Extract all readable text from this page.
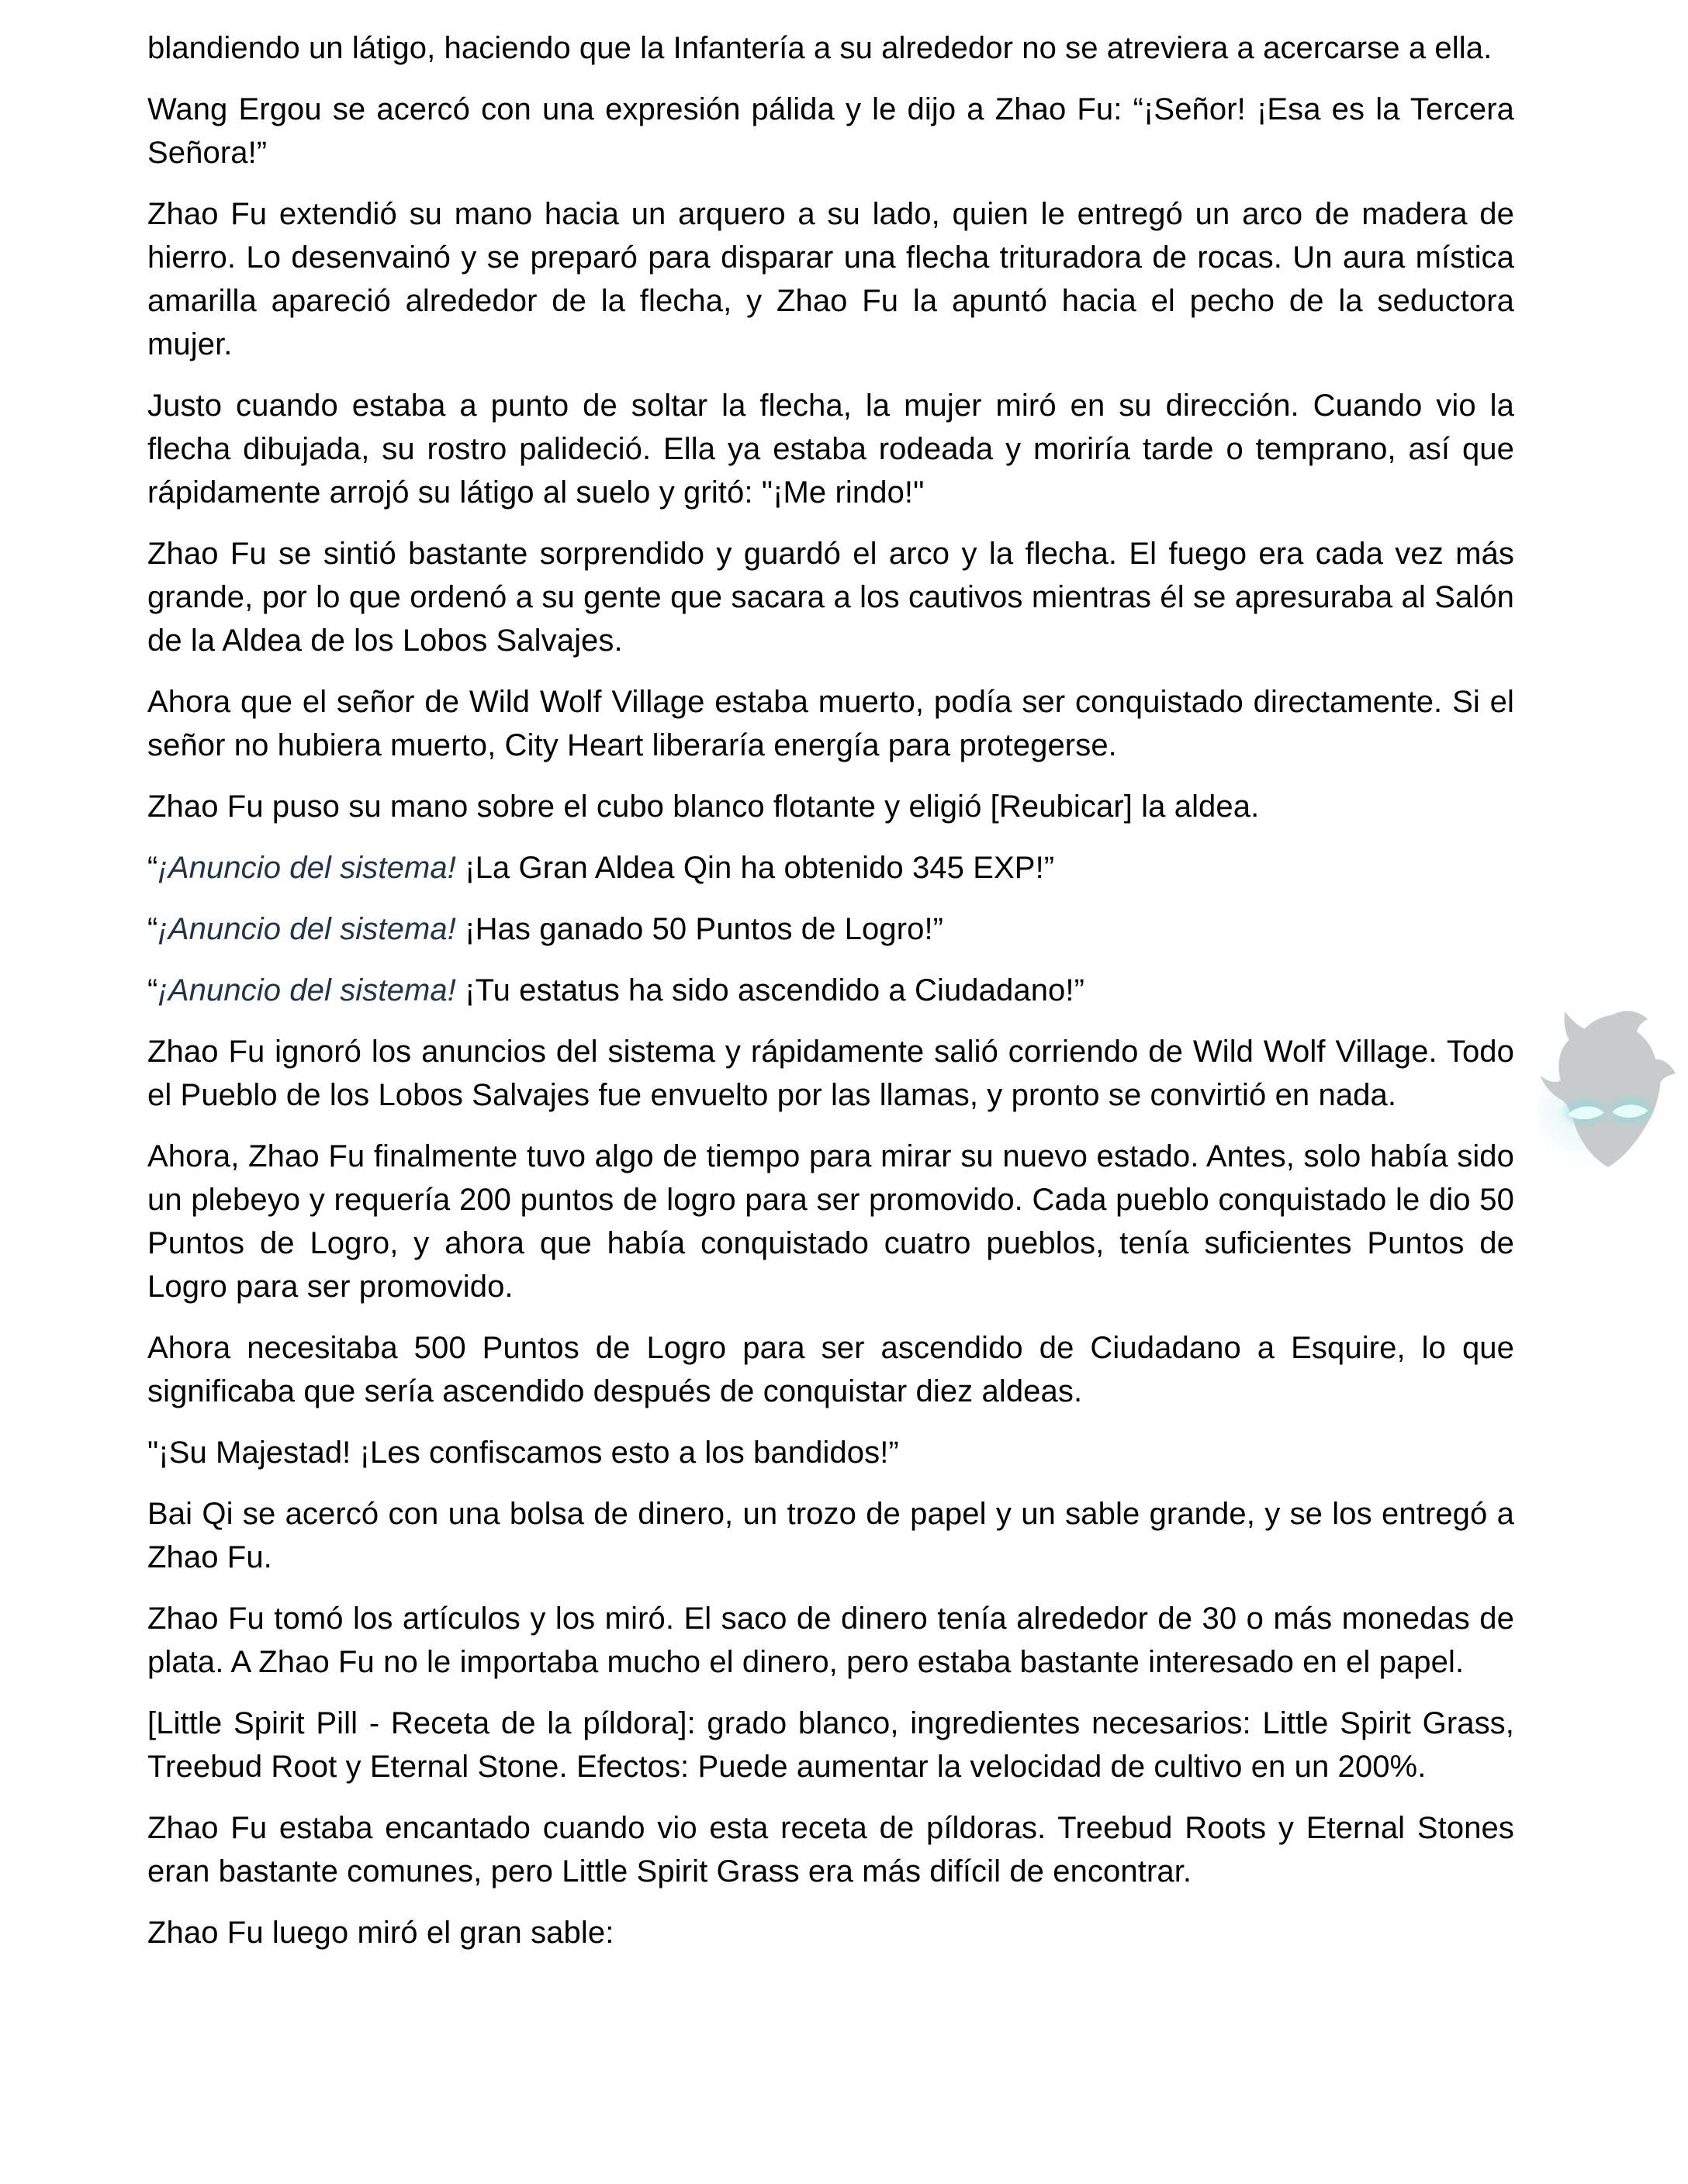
blandiendo un látigo, haciendo que la Infantería a su alrededor no se atreviera a acercarse a ella.

Wang Ergou se acercó con una expresión pálida y le dijo a Zhao Fu: “¡Señor! ¡Esa es la Tercera Señora!”

Zhao Fu extendió su mano hacia un arquero a su lado, quien le entregó un arco de madera de hierro. Lo desenvainó y se preparó para disparar una flecha trituradora de rocas. Un aura mística amarilla apareció alrededor de la flecha, y Zhao Fu la apuntó hacia el pecho de la seductora mujer.

Justo cuando estaba a punto de soltar la flecha, la mujer miró en su dirección. Cuando vio la flecha dibujada, su rostro palideció. Ella ya estaba rodeada y moriría tarde o temprano, así que rápidamente arrojó su látigo al suelo y gritó: "¡Me rindo!"

Zhao Fu se sintió bastante sorprendido y guardó el arco y la flecha. El fuego era cada vez más grande, por lo que ordenó a su gente que sacara a los cautivos mientras él se apresuraba al Salón de la Aldea de los Lobos Salvajes.

Ahora que el señor de Wild Wolf Village estaba muerto, podía ser conquistado directamente. Si el señor no hubiera muerto, City Heart liberaría energía para protegerse.

Zhao Fu puso su mano sobre el cubo blanco flotante y eligió [Reubicar] la aldea.

“¡Anuncio del sistema! ¡La Gran Aldea Qin ha obtenido 345 EXP!”

“¡Anuncio del sistema! ¡Has ganado 50 Puntos de Logro!”

“¡Anuncio del sistema! ¡Tu estatus ha sido ascendido a Ciudadano!”

Zhao Fu ignoró los anuncios del sistema y rápidamente salió corriendo de Wild Wolf Village. Todo el Pueblo de los Lobos Salvajes fue envuelto por las llamas, y pronto se convirtió en nada.

Ahora, Zhao Fu finalmente tuvo algo de tiempo para mirar su nuevo estado. Antes, solo había sido un plebeyo y requería 200 puntos de logro para ser promovido. Cada pueblo conquistado le dio 50 Puntos de Logro, y ahora que había conquistado cuatro pueblos, tenía suficientes Puntos de Logro para ser promovido.

Ahora necesitaba 500 Puntos de Logro para ser ascendido de Ciudadano a Esquire, lo que significaba que sería ascendido después de conquistar diez aldeas.

"¡Su Majestad! ¡Les confiscamos esto a los bandidos!”

Bai Qi se acercó con una bolsa de dinero, un trozo de papel y un sable grande, y se los entregó a Zhao Fu.

Zhao Fu tomó los artículos y los miró. El saco de dinero tenía alrededor de 30 o más monedas de plata. A Zhao Fu no le importaba mucho el dinero, pero estaba bastante interesado en el papel.

[Little Spirit Pill - Receta de la píldora]: grado blanco, ingredientes necesarios: Little Spirit Grass, Treebud Root y Eternal Stone. Efectos: Puede aumentar la velocidad de cultivo en un 200%.

Zhao Fu estaba encantado cuando vio esta receta de píldoras. Treebud Roots y Eternal Stones eran bastante comunes, pero Little Spirit Grass era más difícil de encontrar.

Zhao Fu luego miró el gran sable:
